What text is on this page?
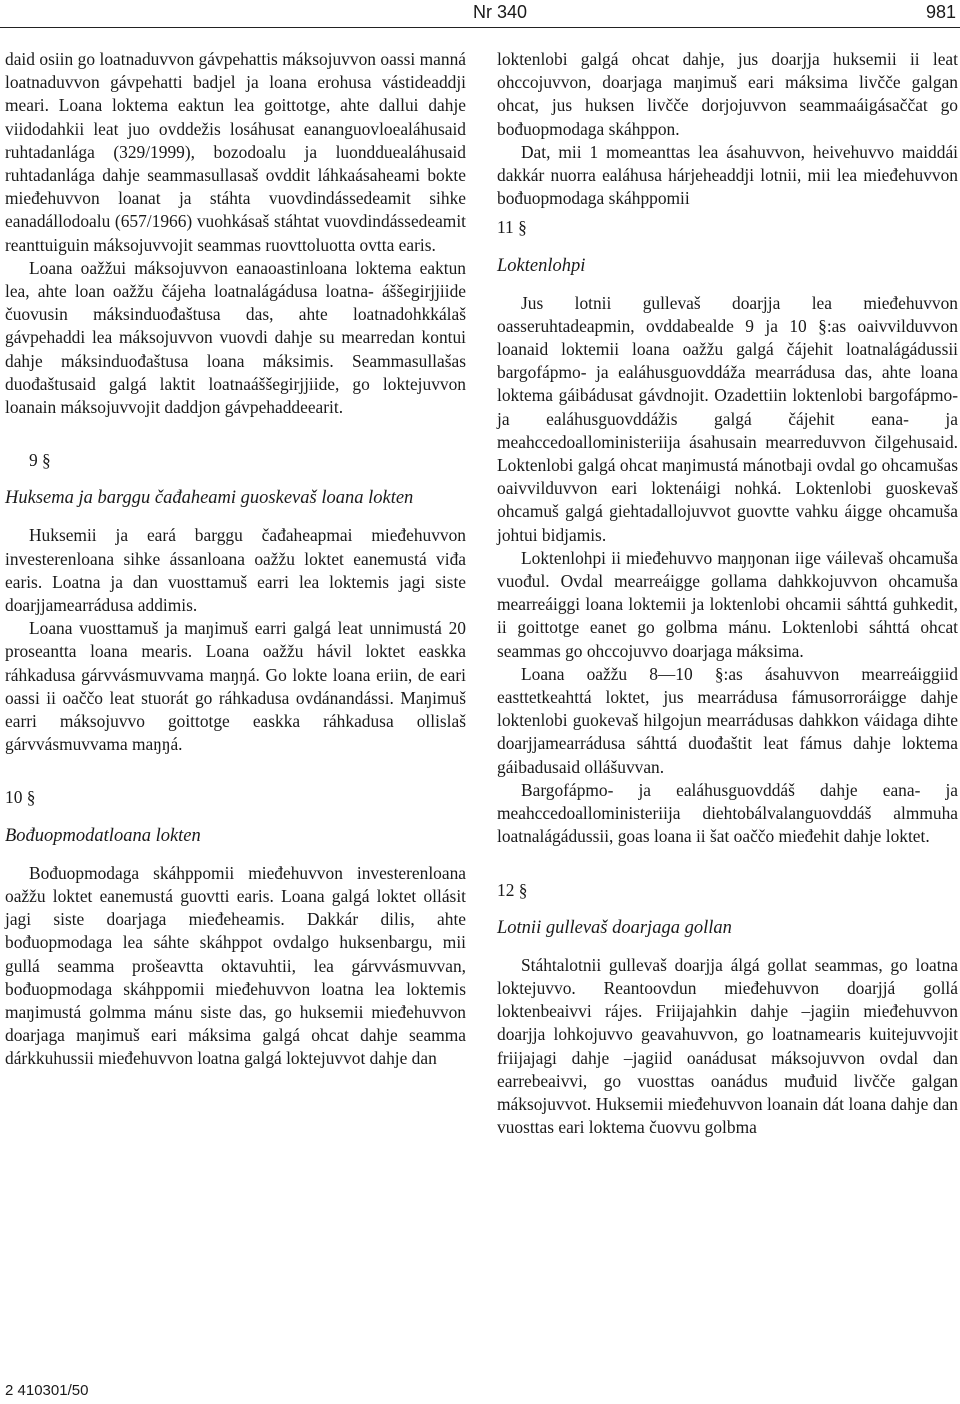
Nr 340	981

daid osiin go loatnaduvvon gávpehattis máksojuvvon oassi manná loatnaduvvon gávpehatti badjel ja loana erohusa vástideaddji meari. Loana loktema eaktun lea goittotge, ahte dallui dahje viidodahkii leat juo ovddežis losáhusat eananguovloealáhusaid ruhtadanlága (329/1999), bozodoalu ja luondduealáhusaid ruhtadanlága dahje seammasullasaš ovddit láhkaásaheami bokte mieđehuvvon loanat ja stáhta vuovdindássedeamit sihke eanadállodoalu (657/1966) vuohkásaš stáhtat vuovdindássedeamit reanttuiguin máksojuvvojit seammas ruovttoluotta ovtta earis.

Loana oažžui máksojuvvon eanaoastinloana loktema eaktun lea, ahte loan oažžu čájeha loatnalágádusa loatna- áššegirjjiide čuovusin máksinduođaštusa das, ahte loatnadohkkálaš gávpehaddi lea máksojuvvon vuovdi dahje su mearredan kontui dahje máksinduođaštusa loana máksimis. Seammasullašas duođaštusaid galgá laktit loatnaáššegirjjiide, go loktejuvvon loanain máksojuvvojit daddjon gávpehaddeearit.

9 §

Huksema ja barggu čađaheami guoskevaš loana lokten

Huksemii ja eará barggu čađaheapmai mieđehuvvon investerenloana sihke ássanloana oažžu loktet eanemustá viđa earis. Loatna ja dan vuosttamuš earri lea loktemis jagi siste doarjjamearrádusa addimis.

Loana vuosttamuš ja maŋimuš earri galgá leat unnimustá 20 proseantta loana mearis. Loana oažžu hávil loktet easkka ráhkadusa gárvvásmuvvama maŋŋá. Go lokte loana eriin, de eari oassi ii oaččo leat stuorát go ráhkadusa ovdánandássi. Maŋimuš earri máksojuvvo goittotge easkka ráhkadusa ollislaš gárvvásmuvvama maŋŋá.

10 §

Bođuopmodatloana lokten

Bođuopmodaga skáhppomii mieđehuvvon investerenloana oažžu loktet eanemustá guovtti earis. Loana galgá loktet ollásit jagi siste doarjaga mieđeheamis. Dakkár dilis, ahte bođuopmodaga lea sáhte skáhppot ovdalgo huksenbargu, mii gullá seamma prošeavtta oktavuhtii, lea gárvvásmuvvan, bođuopmodaga skáhppomii mieđehuvvon loatna lea loktemis maŋimustá golmma mánu siste das, go huksemii mieđehuvvon doarjaga maŋimuš eari máksima galgá ohcat dahje seamma dárkkuhussii mieđehuvvon loatna galgá loktejuvvot dahje dan

loktenlobi galgá ohcat dahje, jus doarjja huksemii ii leat ohccojuvvon, doarjaga maŋimuš eari máksima livčče galgan ohcat, jus huksen livčče dorjojuvvon seammaáigásaččat go bođuopmodaga skáhppon.

Dat, mii 1 momeanttas lea ásahuvvon, heivehuvvo maiddái dakkár nuorra ealáhusa hárjeheaddji lotnii, mii lea mieđehuvvon bođuopmodaga skáhppomii

11 §

Loktenlohpi

Jus lotnii gullevaš doarjja lea mieđehuvvon oasseruhtadeapmin, ovddabealde 9 ja 10 §:as oaivvilduvvon loanaid loktemii loana oažžu galgá čájehit loatnalágádussii bargofápmo- ja ealáhusguovddáža mearrádusa das, ahte loana loktema gáibádusat gávdnojit. Ozadettiin loktenlobi bargofápmo- ja ealáhusguovddážis galgá čájehit eana- ja meahccedoalloministeriija ásahusain mearreduvvon čilgehusaid. Loktenlobi galgá ohcat maŋimustá mánotbaji ovdal go ohcamušas oaivvilduvvon eari loktenáigi nohká. Loktenlobi guoskevaš ohcamuš galgá giehtadallojuvvot guovtte vahku áigge ohcamuša johtui bidjamis.

Loktenlohpi ii mieđehuvvo maŋŋonan iige váilevaš ohcamuša vuođul. Ovdal mearreáigge gollama dahkkojuvvon ohcamuša mearreáiggi loana loktemii ja loktenlobi ohcamii sáhttá guhkedit, ii goittotge eanet go golbma mánu. Loktenlobi sáhttá ohcat seammas go ohccojuvvo doarjaga máksima.

Loana oažžu 8—10 §:as ásahuvvon mearreáiggiid easttetkeahttá loktet, jus mearrádusa fámusorroráigge dahje loktenlobi guokevaš hilgojun mearrádusas dahkkon váidaga dihte doarjjamearrádusa sáhttá duođaštit leat fámus dahje loktema gáibadusaid ollášuvvan.

Bargofápmo- ja ealáhusguovddáš dahje eana- ja meahccedoalloministeriija diehtobálvalanguovddáš almmuha loatnalágádussii, goas loana ii šat oaččo mieđehit dahje loktet.

12 §

Lotnii gullevaš doarjaga gollan

Stáhtalotnii gullevaš doarjja álgá gollat seammas, go loatna loktejuvvo. Reantoovdun mieđehuvvon doarjjá gollá loktenbeaivvi rájes. Friijajahkin dahje –jagiin mieđehuvvon doarjja lohkojuvvo geavahuvvon, go loatnamearis kuitejuvvojit friijajagi dahje –jagiid oanádusat máksojuvvon ovdal dan earrebeaivvi, go vuosttas oanádus muđuid livčče galgan máksojuvvot. Huksemii mieđehuvvon loanain dát loana dahje dan vuosttas eari loktema čuovvu golbma

2 410301/50
